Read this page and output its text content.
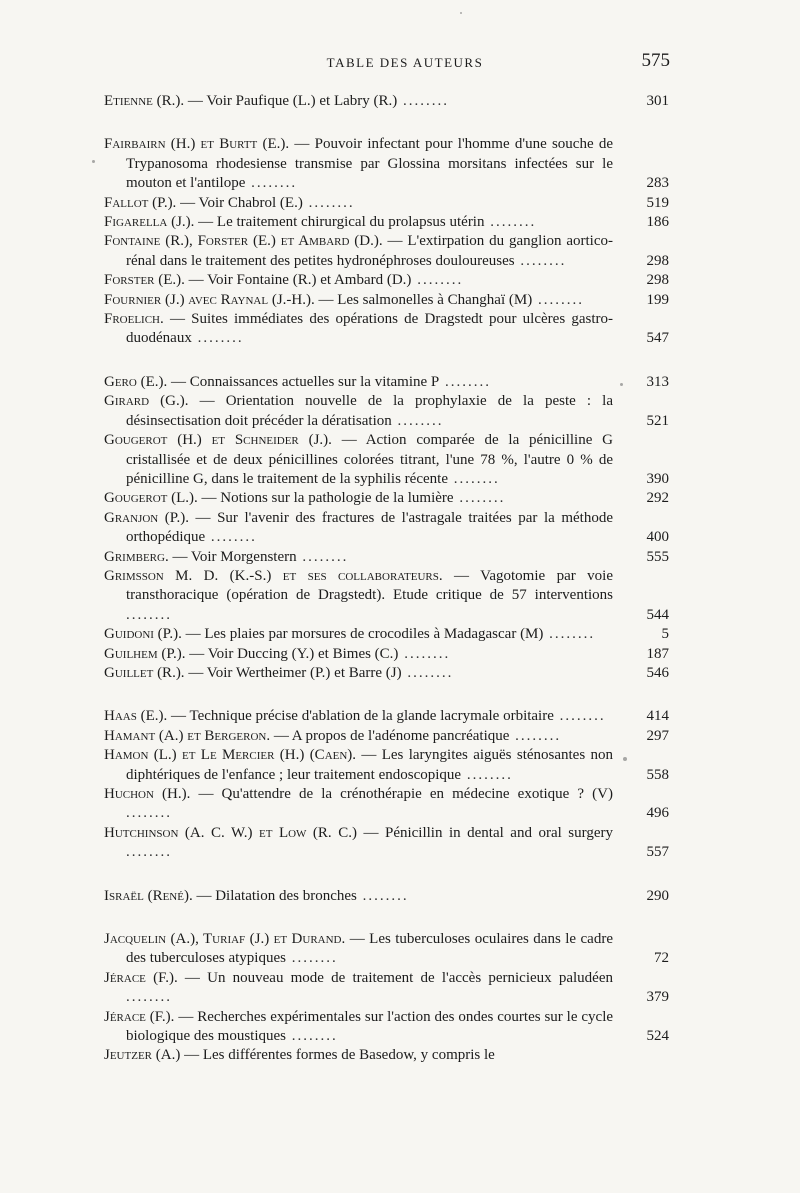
TABLE DES AUTEURS	575
Etienne (R.). — Voir Paufique (L.) et Labry (R.) ........	301
Fairbairn (H.) et Burtt (E.). — Pouvoir infectant pour l'homme d'une souche de Trypanosoma rhodesiense transmise par Glossina morsitans infectées sur le mouton et l'antilope ........	283
Fallot (P.). — Voir Chabrol (E.) ........	519
Figarella (J.). — Le traitement chirurgical du prolapsus utérin ........	186
Fontaine (R.), Forster (E.) et Ambard (D.). — L'extirpation du ganglion aortico-rénal dans le traitement des petites hydronéphroses douloureuses ........	298
Forster (E.). — Voir Fontaine (R.) et Ambard (D.) ........	298
Fournier (J.) avec Raynal (J.-H.). — Les salmonelles à Changhaï (M) ........	199
Froelich. — Suites immédiates des opérations de Dragstedt pour ulcères gastro-duodénaux ........	547
Gero (E.). — Connaissances actuelles sur la vitamine P ........	313
Girard (G.). — Orientation nouvelle de la prophylaxie de la peste : la désinsectisation doit précéder la dératisation ........	521
Gougerot (H.) et Schneider (J.). — Action comparée de la pénicilline G cristallisée et de deux pénicillines colorées titrant, l'une 78 %, l'autre 0 % de pénicilline G, dans le traitement de la syphilis récente ........	390
Gougerot (L.). — Notions sur la pathologie de la lumière ........	292
Granjon (P.). — Sur l'avenir des fractures de l'astragale traitées par la méthode orthopédique ........	400
Grimberg. — Voir Morgenstern ........	555
Grimsson M. D. (K.-S.) et ses collaborateurs. — Vagotomie par voie transthoracique (opération de Dragstedt). Etude critique de 57 interventions ........	544
Guidoni (P.). — Les plaies par morsures de crocodiles à Madagascar (M) ........	5
Guilhem (P.). — Voir Duccing (Y.) et Bimes (C.) ........	187
Guillet (R.). — Voir Wertheimer (P.) et Barre (J) ........	546
Haas (E.). — Technique précise d'ablation de la glande lacrymale orbitaire ........	414
Hamant (A.) et Bergeron. — A propos de l'adénome pancréatique ........	297
Hamon (L.) et Le Mercier (H.) (Caen). — Les laryngites aiguës sténosantes non diphtériques de l'enfance ; leur traitement endoscopique ........	558
Huchon (H.). — Qu'attendre de la crénothérapie en médecine exotique ? (V) ........	496
Hutchinson (A. C. W.) et Low (R. C.) — Pénicillin in dental and oral surgery ........	557
Israël (René). — Dilatation des bronches ........	290
Jacquelin (A.), Turiaf (J.) et Durand. — Les tuberculoses oculaires dans le cadre des tuberculoses atypiques ........	72
Jérace (F.). — Un nouveau mode de traitement de l'accès pernicieux paludéen ........	379
Jérace (F.). — Recherches expérimentales sur l'action des ondes courtes sur le cycle biologique des moustiques ........	524
Jeutzer (A.) — Les différentes formes de Basedow, y compris le
